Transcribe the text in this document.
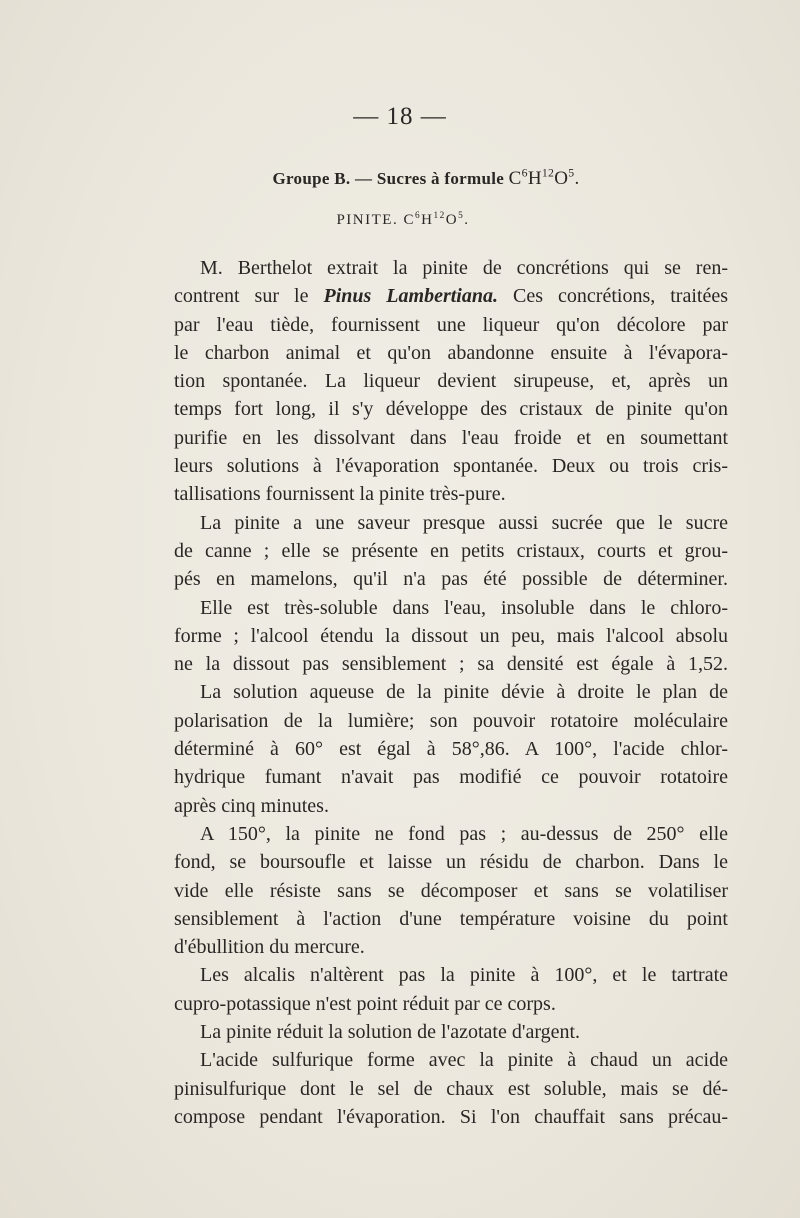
— 18 —
Groupe B. — Sucres à formule $C^6H^{12}O^5$.
PINITE. $C^6H^{12}O^5$.
M. Berthelot extrait la pinite de concrétions qui se ren-
contrent sur le Pinus Lambertiana. Ces concrétions, traitées
par l'eau tiède, fournissent une liqueur qu'on décolore par
le charbon animal et qu'on abandonne ensuite à l'évapora-
tion spontanée. La liqueur devient sirupeuse, et, après un
temps fort long, il s'y développe des cristaux de pinite qu'on
purifie en les dissolvant dans l'eau froide et en soumettant
leurs solutions à l'évaporation spontanée. Deux ou trois cris-
tallisations fournissent la pinite très-pure.
La pinite a une saveur presque aussi sucrée que le sucre
de canne ; elle se présente en petits cristaux, courts et grou-
pés en mamelons, qu'il n'a pas été possible de déterminer.
Elle est très-soluble dans l'eau, insoluble dans le chloro-
forme ; l'alcool étendu la dissout un peu, mais l'alcool absolu
ne la dissout pas sensiblement ; sa densité est égale à 1,52.
La solution aqueuse de la pinite dévie à droite le plan de
polarisation de la lumière; son pouvoir rotatoire moléculaire
déterminé à 60° est égal à 58°,86. A 100°, l'acide chlor-
hydrique fumant n'avait pas modifié ce pouvoir rotatoire
après cinq minutes.
A 150°, la pinite ne fond pas ; au-dessus de 250° elle
fond, se boursoufle et laisse un résidu de charbon. Dans le
vide elle résiste sans se décomposer et sans se volatiliser
sensiblement à l'action d'une température voisine du point
d'ébullition du mercure.
Les alcalis n'altèrent pas la pinite à 100°, et le tartrate
cupro-potassique n'est point réduit par ce corps.
La pinite réduit la solution de l'azotate d'argent.
L'acide sulfurique forme avec la pinite à chaud un acide
pinisulfurique dont le sel de chaux est soluble, mais se dé-
compose pendant l'évaporation. Si l'on chauffait sans précau-
